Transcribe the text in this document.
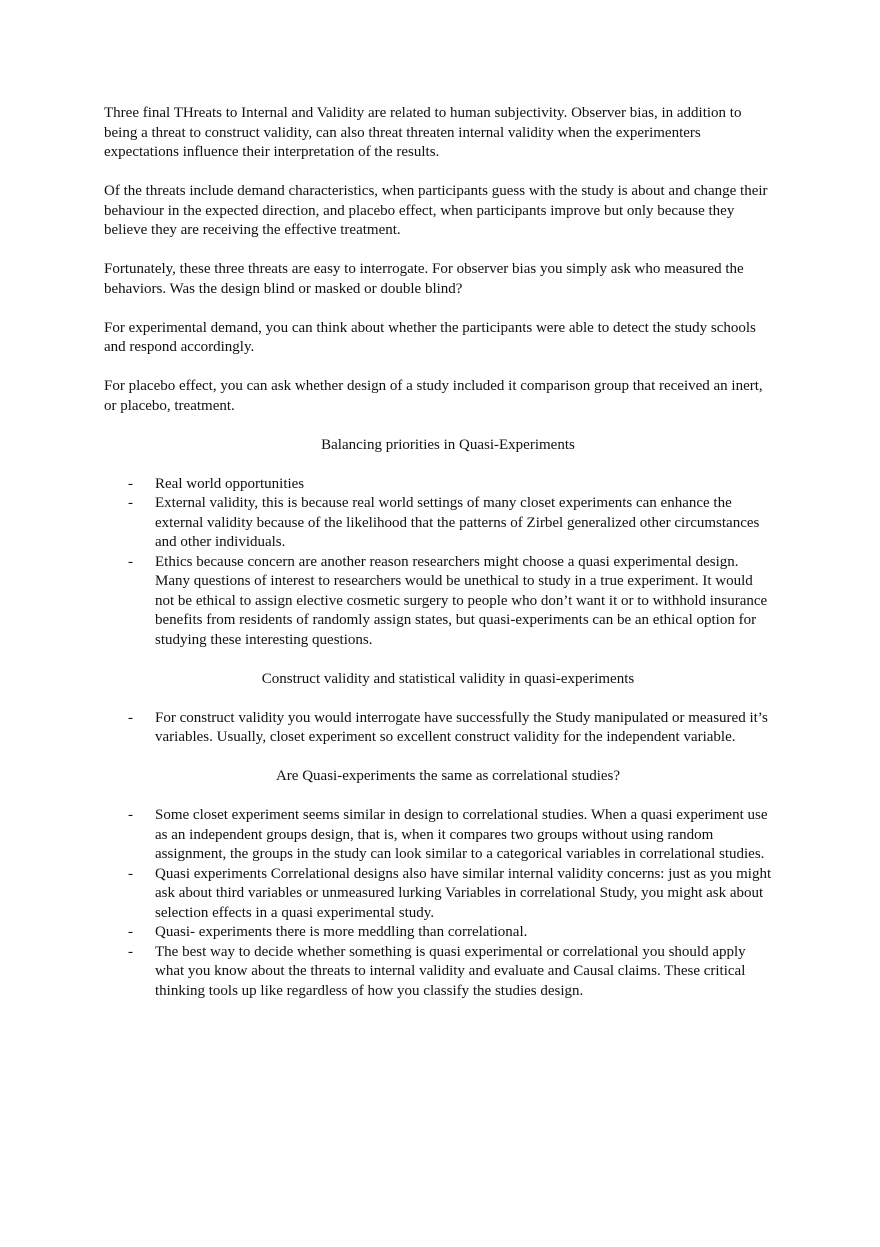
Three final THreats to Internal and Validity are related to human subjectivity. Observer bias, in addition to being a threat to construct validity, can also threat threaten internal validity when the experimenters expectations influence their interpretation of the results.

Of the threats include demand characteristics, when participants guess with the study is about and change their behaviour in the expected direction, and placebo effect, when participants improve but only because they believe they are receiving the effective treatment.

Fortunately, these three threats are easy to interrogate. For observer bias you simply ask who measured the behaviors. Was the design blind or masked or double blind?

For experimental demand, you can think about whether the participants were able to detect the study schools and respond accordingly.

For placebo effect, you can ask whether design of a study included it comparison group that received an inert, or placebo, treatment.

Balancing priorities in Quasi-Experiments
- Real world opportunities
- External validity, this is because real world settings of many closet experiments can enhance the external validity because of the likelihood that the patterns of Zirbel generalized other circumstances and other individuals.
- Ethics because concern are another reason researchers might choose a quasi experimental design. Many questions of interest to researchers would be unethical to study in a true experiment. It would not be ethical to assign elective cosmetic surgery to people who don’t want it or to withhold insurance benefits from residents of randomly assign states, but quasi-experiments can be an ethical option for studying these interesting questions.
Construct validity and statistical validity in quasi-experiments
- For construct validity you would interrogate have successfully the Study manipulated or measured it’s variables. Usually, closet experiment so excellent construct validity for the independent variable.
Are Quasi-experiments the same as correlational studies?
- Some closet experiment seems similar in design to correlational studies. When a quasi experiment use as an independent groups design, that is, when it compares two groups without using random assignment, the groups in the study can look similar to a categorical variables in correlational studies.
- Quasi experiments Correlational designs also have similar internal validity concerns: just as you might ask about third variables or unmeasured lurking Variables in correlational Study, you might ask about selection effects in a quasi experimental study.
- Quasi- experiments there is more meddling than correlational.
- The best way to decide whether something is quasi experimental or correlational you should apply what you know about the threats to internal validity and evaluate and Causal claims. These critical thinking tools up like regardless of how you classify the studies design.
